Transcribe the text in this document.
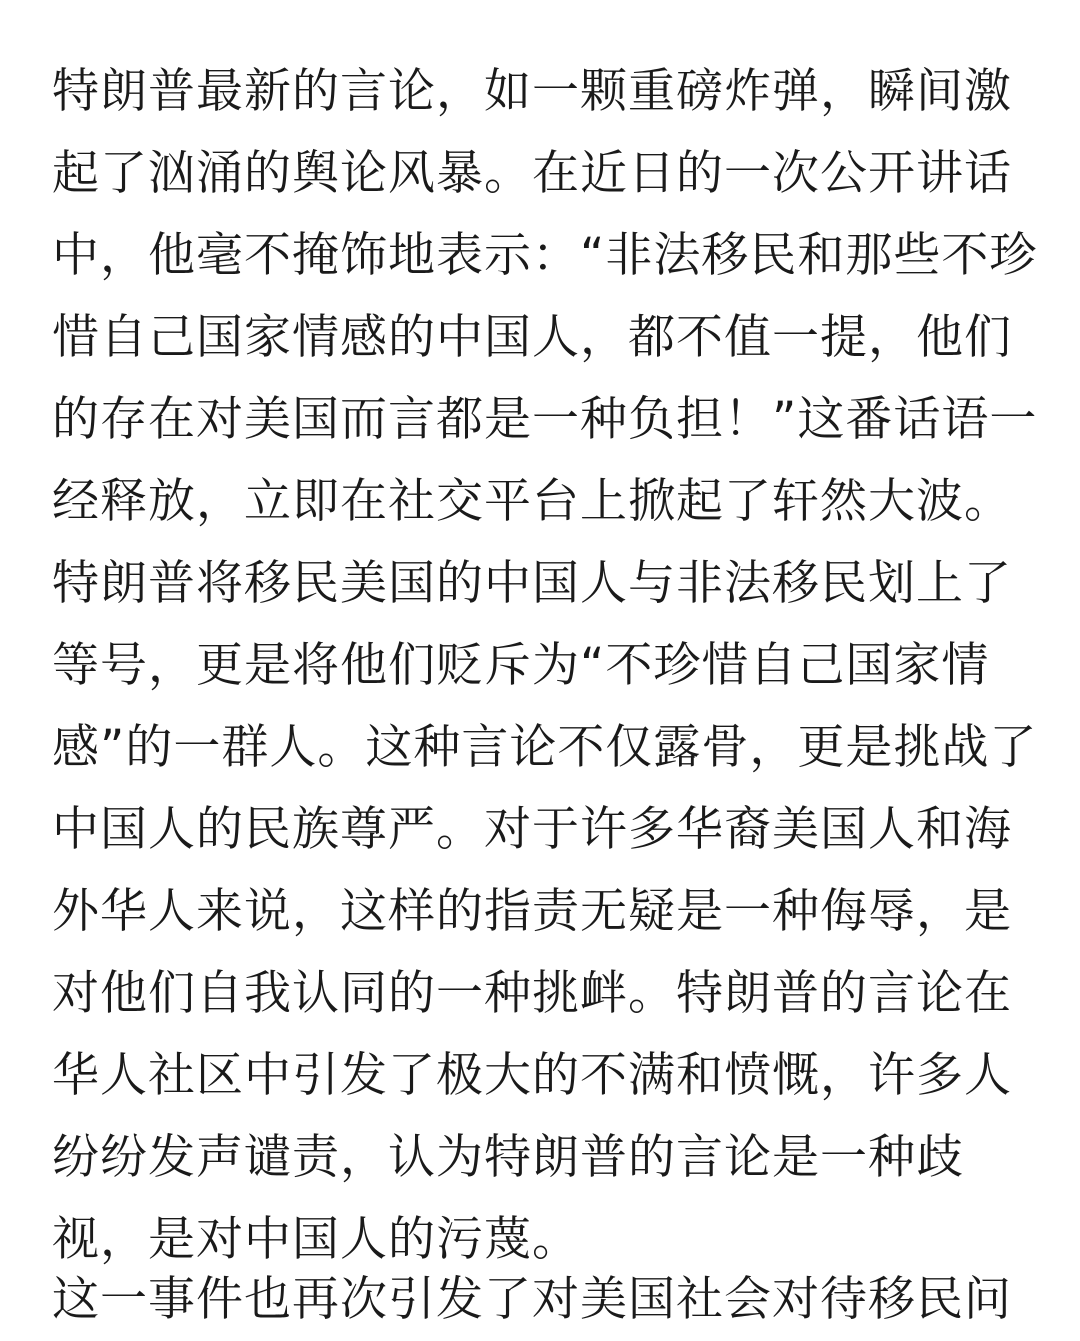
特朗普最新的言论，如一颗重磅炸弹，瞬间激
起了汹涌的舆论风暴。在近日的一次公开讲话
中，他毫不掩饰地表示：“非法移民和那些不珍
惜自己国家情感的中国人，都不值一提，他们
的存在对美国而言都是一种负担！”这番话语一
经释放，立即在社交平台上掀起了轩然大波。
特朗普将移民美国的中国人与非法移民划上了
等号，更是将他们贬斥为“不珍惜自己国家情
感”的一群人。这种言论不仅露骨，更是挑战了
中国人的民族尊严。对于许多华裔美国人和海
外华人来说，这样的指责无疑是一种侮辱，是
对他们自我认同的一种挑衅。特朗普的言论在
华人社区中引发了极大的不满和愤慨，许多人
纷纷发声谴责，认为特朗普的言论是一种歧
视，是对中国人的污蔑。
这一事件也再次引发了对美国社会对待移民问
